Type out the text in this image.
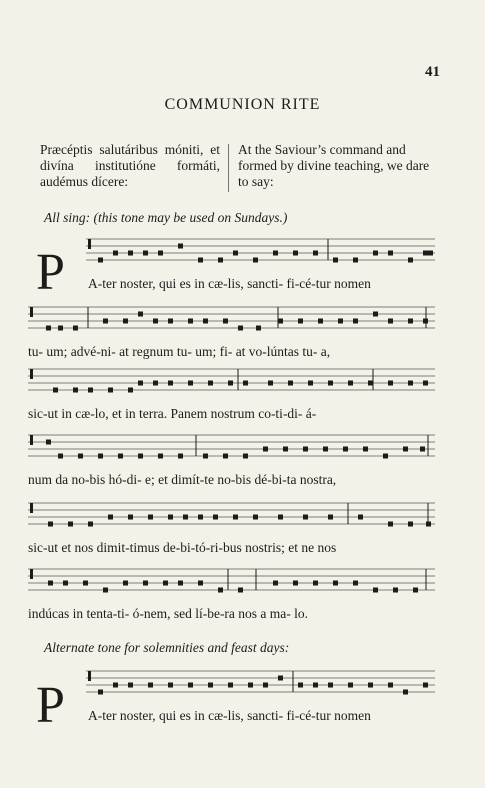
41
COMMUNION RITE
Præcéptis salutáribus móniti, et divína institutióne formáti, audémus dícere:
At the Saviour’s command and formed by divine teaching, we dare to say:
All sing: (this tone may be used on Sundays.)
P A-ter noster, qui es in cæ-lis, sancti- fi-cé-tur nomen
tu- um; advé-ni- at regnum tu- um; fi- at vo-lúntas tu- a,
sic-ut in cæ-lo, et in terra. Panem nostrum co-ti-di- á-
num da no-bis hó-di- e; et dimít-te no-bis dé-bi-ta nostra,
sic-ut et nos dimit-timus de-bi-tó-ri-bus nostris; et ne nos
indúcas in tenta-ti- ó-nem, sed lí-be-ra nos a ma- lo.
Alternate tone for solemnities and feast days:
P A-ter noster, qui es in cæ-lis, sancti- fi-cé-tur nomen
